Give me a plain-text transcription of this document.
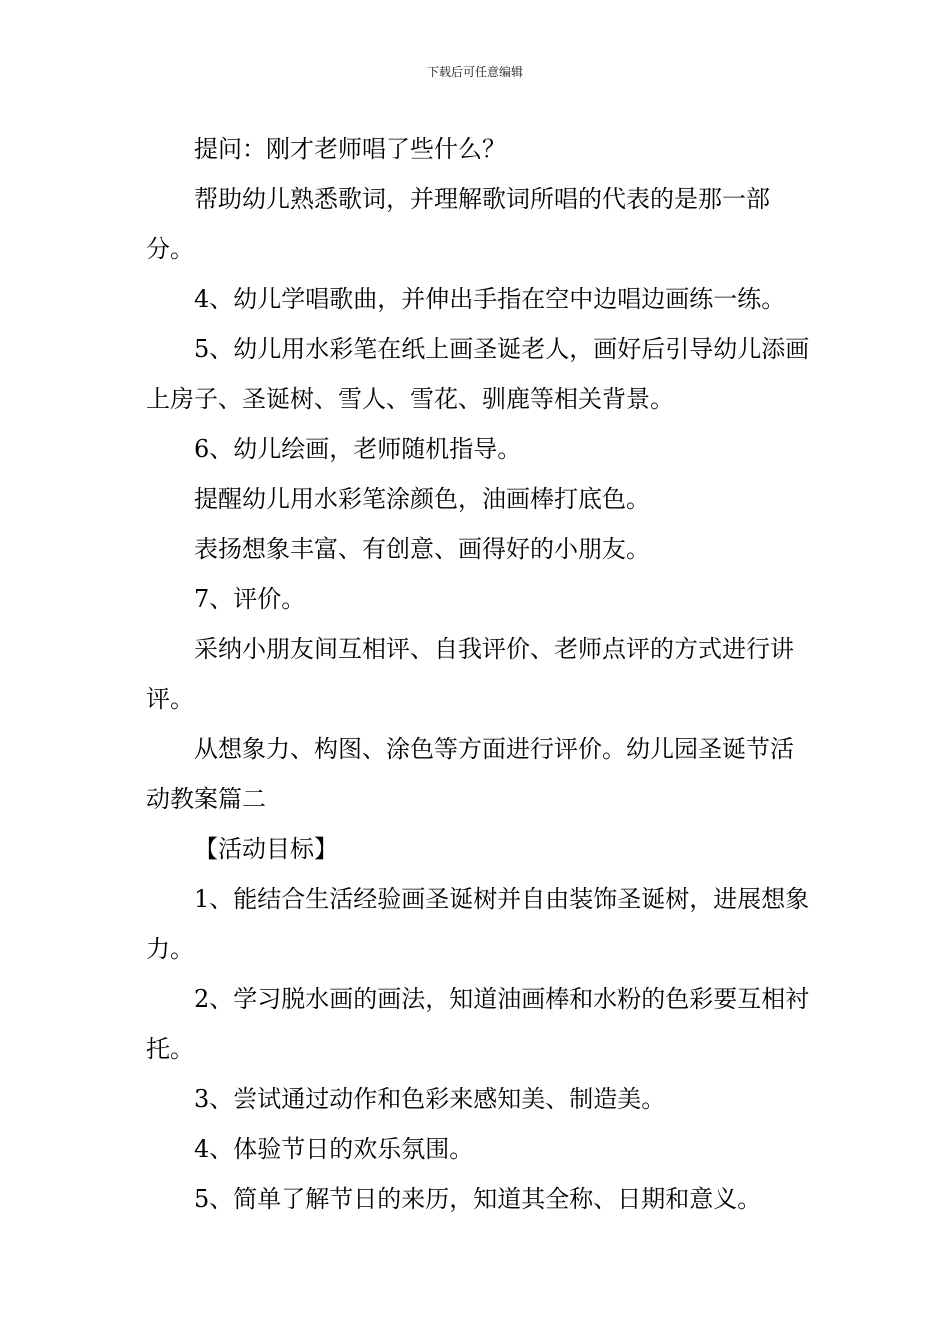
下载后可任意编辑

提问：刚才老师唱了些什么？

帮助幼儿熟悉歌词，并理解歌词所唱的代表的是那一部分。

4、幼儿学唱歌曲，并伸出手指在空中边唱边画练一练。

5、幼儿用水彩笔在纸上画圣诞老人，画好后引导幼儿添画上房子、圣诞树、雪人、雪花、驯鹿等相关背景。

6、幼儿绘画，老师随机指导。

提醒幼儿用水彩笔涂颜色，油画棒打底色。

表扬想象丰富、有创意、画得好的小朋友。

7、评价。

采纳小朋友间互相评、自我评价、老师点评的方式进行讲评。

从想象力、构图、涂色等方面进行评价。幼儿园圣诞节活动教案篇二

【活动目标】

1、能结合生活经验画圣诞树并自由装饰圣诞树，进展想象力。

2、学习脱水画的画法，知道油画棒和水粉的色彩要互相衬托。

3、尝试通过动作和色彩来感知美、制造美。

4、体验节日的欢乐氛围。

5、简单了解节日的来历，知道其全称、日期和意义。
